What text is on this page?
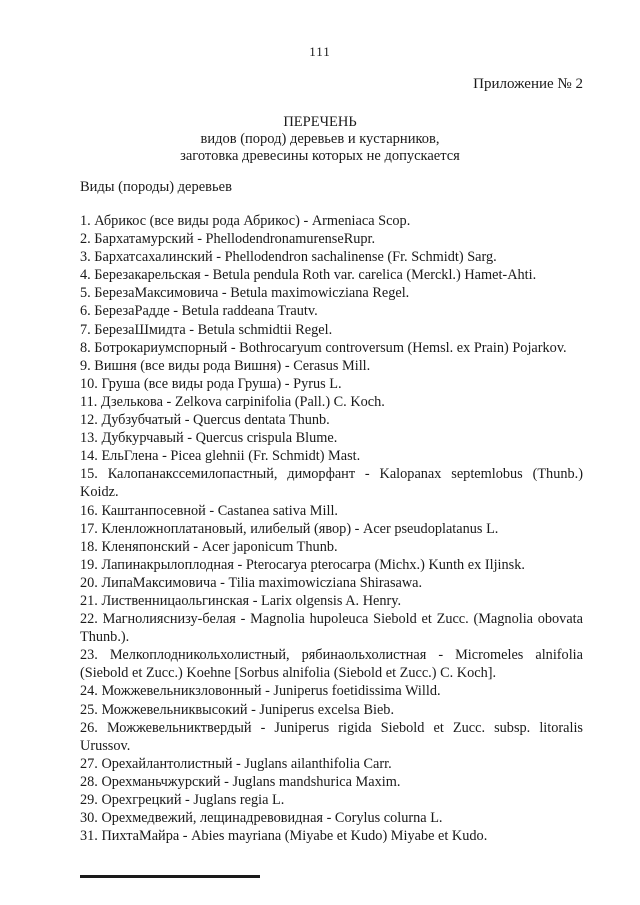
111
Приложение № 2
ПЕРЕЧЕНЬ
видов (пород) деревьев и кустарников,
заготовка древесины которых не допускается
Виды (породы) деревьев
1. Абрикос (все виды рода Абрикос) - Armeniaca Scop.
2. Бархатамурский - PhellodendronamurenseRupr.
3. Бархатсахалинский - Phellodendron sachalinense (Fr. Schmidt) Sarg.
4. Березакарельская - Betula pendula Roth var. carelica (Merckl.) Hamet-Ahti.
5. БерезаМаксимовича - Betula maximowicziana Regel.
6. БерезаРадде - Betula raddeana Trautv.
7. БерезаШмидта - Betula schmidtii Regel.
8. Ботрокариумспорный - Bothrocaryum controversum (Hemsl. ex Prain) Pojarkov.
9. Вишня (все виды рода Вишня) - Cerasus Mill.
10. Груша (все виды рода Груша) - Pyrus L.
11. Дзелькова - Zelkova carpinifolia (Pall.) C. Koch.
12. Дубзубчатый - Quercus dentata Thunb.
13. Дубкурчавый - Quercus crispula Blume.
14. ЕльГлена - Picea glehnii (Fr. Schmidt) Mast.
15. Калопанаксcемилопастный, диморфант - Kalopanax septemlobus (Thunb.) Koidz.
16. Каштанпосевной - Castanea sativa Mill.
17. Кленложноплатановый, илибелый (явор) - Acer pseudoplatanus L.
18. Кленяпонский - Acer japonicum Thunb.
19. Лапинакрылоплодная - Pterocarya pterocarpa (Michx.) Kunth ex Iljinsk.
20. ЛипаМаксимовича - Tilia maximowicziana Shirasawa.
21. Лиственницаольгинская - Larix olgensis A. Henry.
22. Магнолияснизу-белая - Magnolia hupoleuca Siebold et Zucc. (Magnolia obovata Thunb.).
23. Мелкоплодникольхолистный, рябинаольхолистная - Micromeles alnifolia (Siebold et Zucc.) Koehne [Sorbus alnifolia (Siebold et Zucc.) C. Koch].
24. Можжевельникзловонный - Juniperus foetidissima Willd.
25. Можжевельниквысокий - Juniperus excelsa Bieb.
26. Можжевельниктвердый - Juniperus rigida Siebold et Zucc. subsp. litoralis Urussov.
27. Орехайлантолистный - Juglans ailanthifolia Carr.
28. Орехманьчжурский - Juglans mandshurica Maxim.
29. Орехгрецкий - Juglans regia L.
30. Орехмедвежий, лещинадревовидная - Corylus colurna L.
31. ПихтаМайра - Abies mayriana (Miyabe et Kudo) Miyabe et Kudo.
